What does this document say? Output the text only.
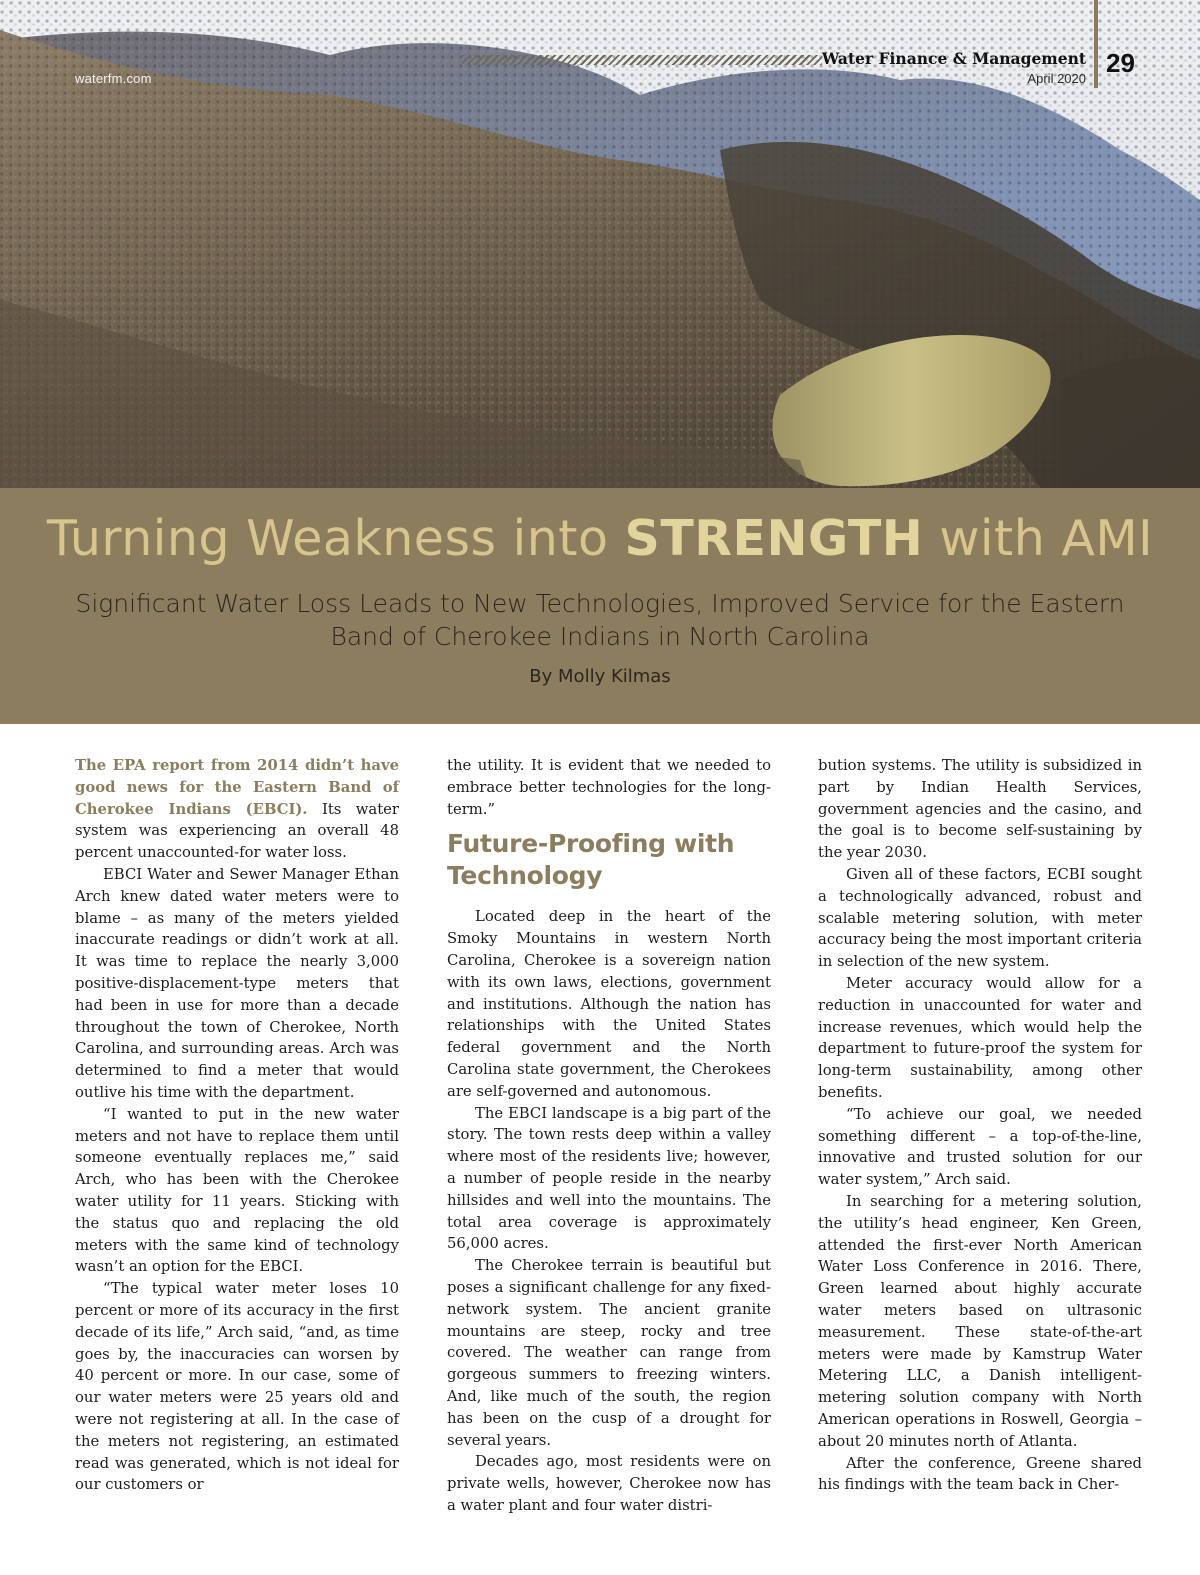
waterfm.com
Water Finance & Management
April 2020
29
Turning Weakness into STRENGTH with AMI
Significant Water Loss Leads to New Technologies, Improved Service for the Eastern Band of Cherokee Indians in North Carolina
By Molly Kilmas

The EPA report from 2014 didn’t have good news for the Eastern Band of Cherokee Indians (EBCI). Its water system was experiencing an overall 48 percent unaccounted-for water loss.

EBCI Water and Sewer Manager Ethan Arch knew dated water meters were to blame – as many of the meters yielded inaccurate readings or didn’t work at all. It was time to replace the nearly 3,000 positive-displacement-type meters that had been in use for more than a decade throughout the town of Cherokee, North Carolina, and surrounding areas. Arch was determined to find a meter that would outlive his time with the department.

“I wanted to put in the new water meters and not have to replace them until someone eventually replaces me,” said Arch, who has been with the Cherokee water utility for 11 years. Sticking with the status quo and replacing the old meters with the same kind of technology wasn’t an option for the EBCI.

“The typical water meter loses 10 percent or more of its accuracy in the first decade of its life,” Arch said, “and, as time goes by, the inaccuracies can worsen by 40 percent or more. In our case, some of our water meters were 25 years old and were not registering at all. In the case of the meters not registering, an estimated read was generated, which is not ideal for our customers or

the utility. It is evident that we needed to embrace better technologies for the long-term.”

Future-Proofing with Technology

Located deep in the heart of the Smoky Mountains in western North Carolina, Cherokee is a sovereign nation with its own laws, elections, government and institutions. Although the nation has relationships with the United States federal government and the North Carolina state government, the Cherokees are self-governed and autonomous.

The EBCI landscape is a big part of the story. The town rests deep within a valley where most of the residents live; however, a number of people reside in the nearby hillsides and well into the mountains. The total area coverage is approximately 56,000 acres.

The Cherokee terrain is beautiful but poses a significant challenge for any fixed-network system. The ancient granite mountains are steep, rocky and tree covered. The weather can range from gorgeous summers to freezing winters. And, like much of the south, the region has been on the cusp of a drought for several years.

Decades ago, most residents were on private wells, however, Cherokee now has a water plant and four water distri-

bution systems. The utility is subsidized in part by Indian Health Services, government agencies and the casino, and the goal is to become self-sustaining by the year 2030.

Given all of these factors, ECBI sought a technologically advanced, robust and scalable metering solution, with meter accuracy being the most important criteria in selection of the new system.

Meter accuracy would allow for a reduction in unaccounted for water and increase revenues, which would help the department to future-proof the system for long-term sustainability, among other benefits.

“To achieve our goal, we needed something different – a top-of-the-line, innovative and trusted solution for our water system,” Arch said.

In searching for a metering solution, the utility’s head engineer, Ken Green, attended the first-ever North American Water Loss Conference in 2016. There, Green learned about highly accurate water meters based on ultrasonic measurement. These state-of-the-art meters were made by Kamstrup Water Metering LLC, a Danish intelligent-metering solution company with North American operations in Roswell, Georgia – about 20 minutes north of Atlanta.

After the conference, Greene shared his findings with the team back in Cher-
